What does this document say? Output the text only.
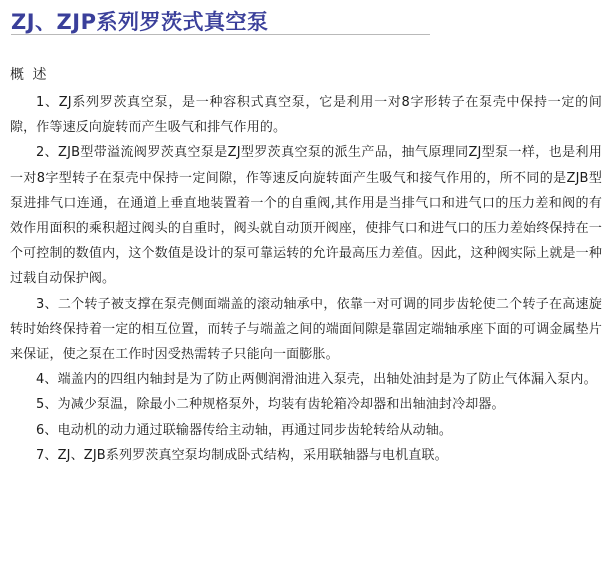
ZJ、ZJP系列罗茨式真空泵
概 述

1、ZJ系列罗茨真空泵，是一种容积式真空泵，它是利用一对8字形转子在泵壳中保持一定的间隙，作等速反向旋转而产生吸气和排气作用的。

2、ZJB型带溢流阀罗茨真空泵是ZJ型罗茨真空泵的派生产品，抽气原理同ZJ型泵一样，也是利用一对8字型转子在泵壳中保持一定间隙，作等速反向旋转面产生吸气和接气作用的，所不同的是ZJB型泵进排气口连通，在通道上垂直地装置着一个的自重阀,其作用是当排气口和进气口的压力差和阀的有效作用面积的乘积超过阀头的自重时，阀头就自动顶开阀座，使排气口和进气口的压力差始终保持在一个可控制的数值内，这个数值是设计的泵可靠运转的允许最高压力差值。因此，这种阀实际上就是一种过载自动保护阀。

3、二个转子被支撑在泵壳侧面端盖的滚动轴承中，依靠一对可调的同步齿轮使二个转子在高速旋转时始终保持着一定的相互位置，而转子与端盖之间的端面间隙是靠固定端轴承座下面的可调金属垫片来保证，使之泵在工作时因受热需转子只能向一面膨胀。

4、端盖内的四组内轴封是为了防止两侧润滑油进入泵壳，出轴处油封是为了防止气体漏入泵内。

5、为减少泵温，除最小二种规格泵外，均装有齿轮箱冷却器和出轴油封冷却器。

6、电动机的动力通过联输器传给主动轴，再通过同步齿轮转给从动轴。

7、ZJ、ZJB系列罗茨真空泵均制成卧式结构，采用联轴器与电机直联。
